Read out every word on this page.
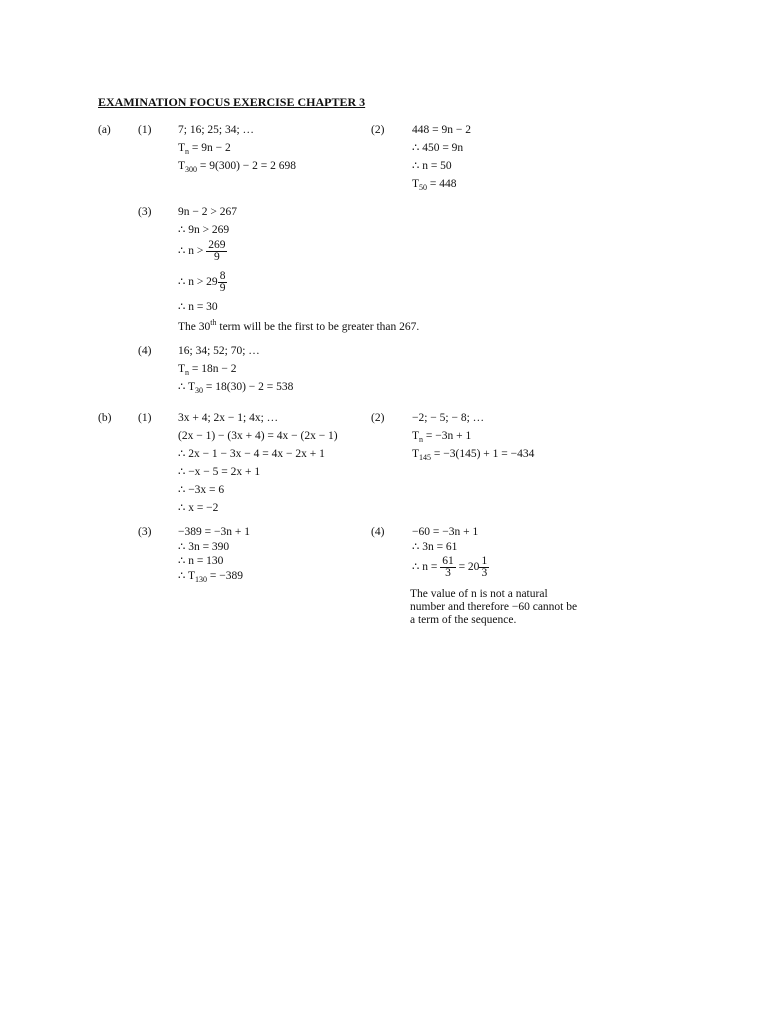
EXAMINATION FOCUS EXERCISE CHAPTER 3
(a) (1) 7; 16; 25; 34; …
$T_n = 9n - 2$
$T_{300} = 9(300) - 2 = 2$ 698
(2) 448 = 9n − 2
∴ 450 = 9n
∴ n = 50
$T_{50} = 448$
(3) 9n − 2 > 267
∴ 9n > 269
∴ $n > \frac{269}{9}$
∴ $n > 29 \frac{8}{9}$
∴ n = 30
The 30th term will be the first to be greater than 267.
(4) 16; 34; 52; 70; …
$T_n = 18n - 2$
∴ $T_{30} = 18(30) - 2 = 538$
(b) (1) 3x + 4; 2x − 1; 4x; …
(2x − 1) − (3x + 4) = 4x − (2x − 1)
∴ 2x − 1 − 3x − 4 = 4x − 2x + 1
∴ −x − 5 = 2x + 1
∴ −3x = 6
∴ x = −2
(2) −2; − 5; − 8; …
$T_n = -3n + 1$
$T_{145} = -3(145) + 1 = -434$
(3) −389 = −3n + 1
∴ 3n = 390
∴ n = 130
∴ $T_{130} = -389$
(4) −60 = −3n + 1
∴ 3n = 61
∴ $n = \frac{61}{3} = 20 \frac{1}{3}$
The value of n is not a natural number and therefore −60 cannot be a term of the sequence.
